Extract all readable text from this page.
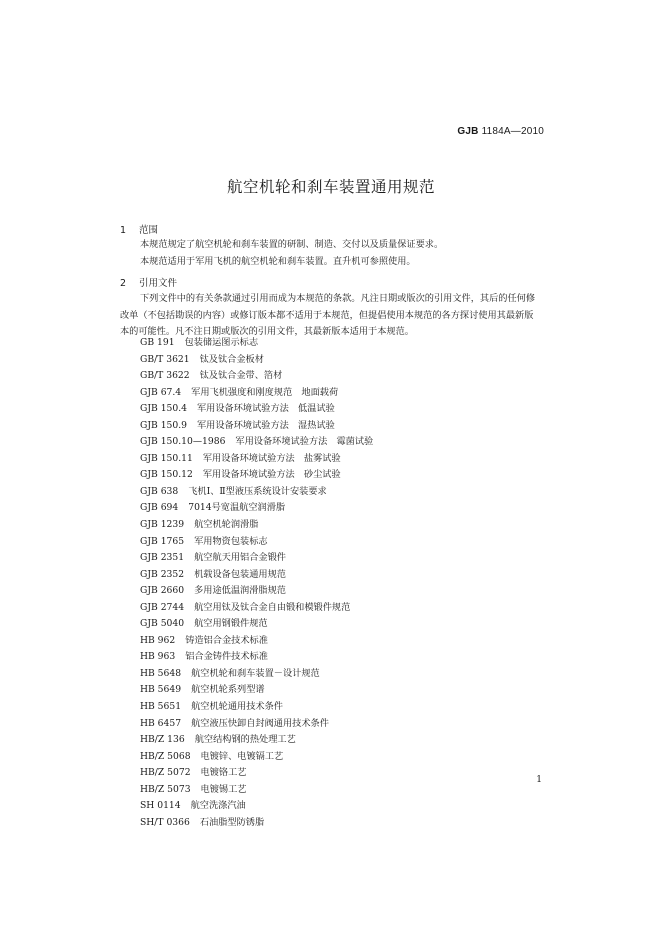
GJB 1184A—2010
航空机轮和刹车装置通用规范
1 范围
本规范规定了航空机轮和刹车装置的研制、制造、交付以及质量保证要求。
本规范适用于军用飞机的航空机轮和刹车装置。直升机可参照使用。
2 引用文件
下列文件中的有关条款通过引用而成为本规范的条款。凡注日期或版次的引用文件，其后的任何修改单（不包括勘误的内容）或修订版本都不适用于本规范，但提倡使用本规范的各方探讨使用其最新版本的可能性。凡不注日期或版次的引用文件，其最新版本适用于本规范。
GB 191 包装储运图示标志
GB/T 3621 钛及钛合金板材
GB/T 3622 钛及钛合金带、箔材
GJB 67.4 军用飞机强度和刚度规范　地面载荷
GJB 150.4 军用设备环境试验方法　低温试验
GJB 150.9 军用设备环境试验方法　湿热试验
GJB 150.10—1986 军用设备环境试验方法　霉菌试验
GJB 150.11 军用设备环境试验方法　盐雾试验
GJB 150.12 军用设备环境试验方法　砂尘试验
GJB 638 飞机Ⅰ、Ⅱ型液压系统设计安装要求
GJB 694 7014号宽温航空润滑脂
GJB 1239 航空机轮润滑脂
GJB 1765 军用物资包装标志
GJB 2351 航空航天用铝合金锻件
GJB 2352 机载设备包装通用规范
GJB 2660 多用途低温润滑脂规范
GJB 2744 航空用钛及钛合金自由锻和模锻件规范
GJB 5040 航空用钢锻件规范
HB 962 铸造铝合金技术标准
HB 963 铝合金铸件技术标准
HB 5648 航空机轮和刹车装置－设计规范
HB 5649 航空机轮系列型谱
HB 5651 航空机轮通用技术条件
HB 6457 航空液压快卸自封阀通用技术条件
HB/Z 136 航空结构钢的热处理工艺
HB/Z 5068 电镀锌、电镀镉工艺
HB/Z 5072 电镀铬工艺
HB/Z 5073 电镀锡工艺
SH 0114 航空洗涤汽油
SH/T 0366 石油脂型防锈脂
1
